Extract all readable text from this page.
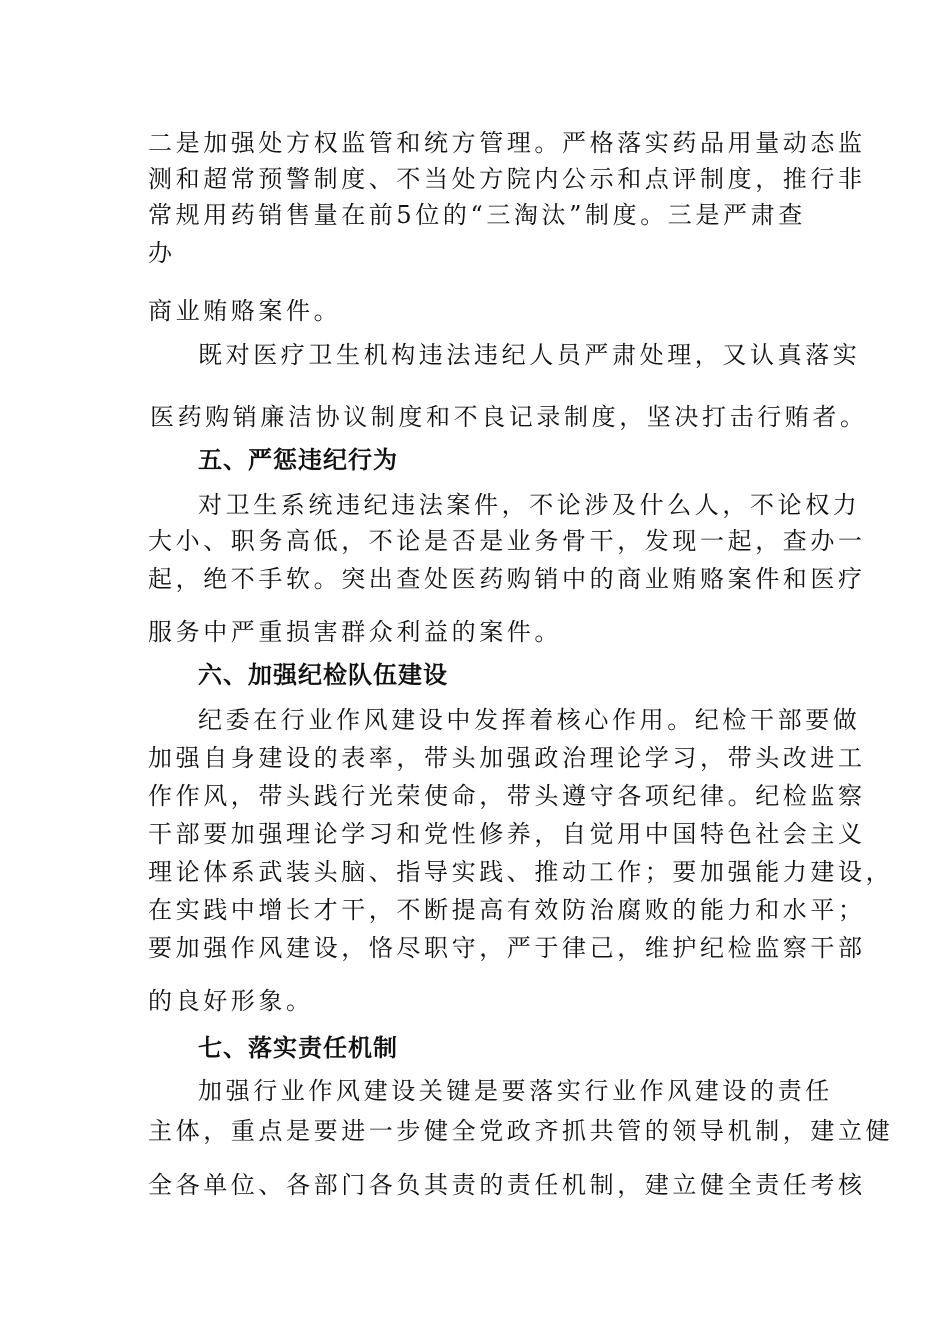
二是加强处方权监管和统方管理。严格落实药品用量动态监
测和超常预警制度、不当处方院内公示和点评制度，推行非
常规用药销售量在前5位的“三淘汰”制度。三是严肃查
办
商业贿赂案件。
既对医疗卫生机构违法违纪人员严肃处理，又认真落实
医药购销廉洁协议制度和不良记录制度，坚决打击行贿者。
五、严惩违纪行为
对卫生系统违纪违法案件，不论涉及什么人，不论权力
大小、职务高低，不论是否是业务骨干，发现一起，查办一
起，绝不手软。突出查处医药购销中的商业贿赂案件和医疗
服务中严重损害群众利益的案件。
六、加强纪检队伍建设
纪委在行业作风建设中发挥着核心作用。纪检干部要做
加强自身建设的表率，带头加强政治理论学习，带头改进工
作作风，带头践行光荣使命，带头遵守各项纪律。纪检监察
干部要加强理论学习和党性修养，自觉用中国特色社会主义
理论体系武装头脑、指导实践、推动工作；要加强能力建设，
在实践中增长才干，不断提高有效防治腐败的能力和水平；
要加强作风建设，恪尽职守，严于律己，维护纪检监察干部
的良好形象。
七、落实责任机制
加强行业作风建设关键是要落实行业作风建设的责任
主体，重点是要进一步健全党政齐抓共管的领导机制，建立健
全各单位、各部门各负其责的责任机制，建立健全责任考核
